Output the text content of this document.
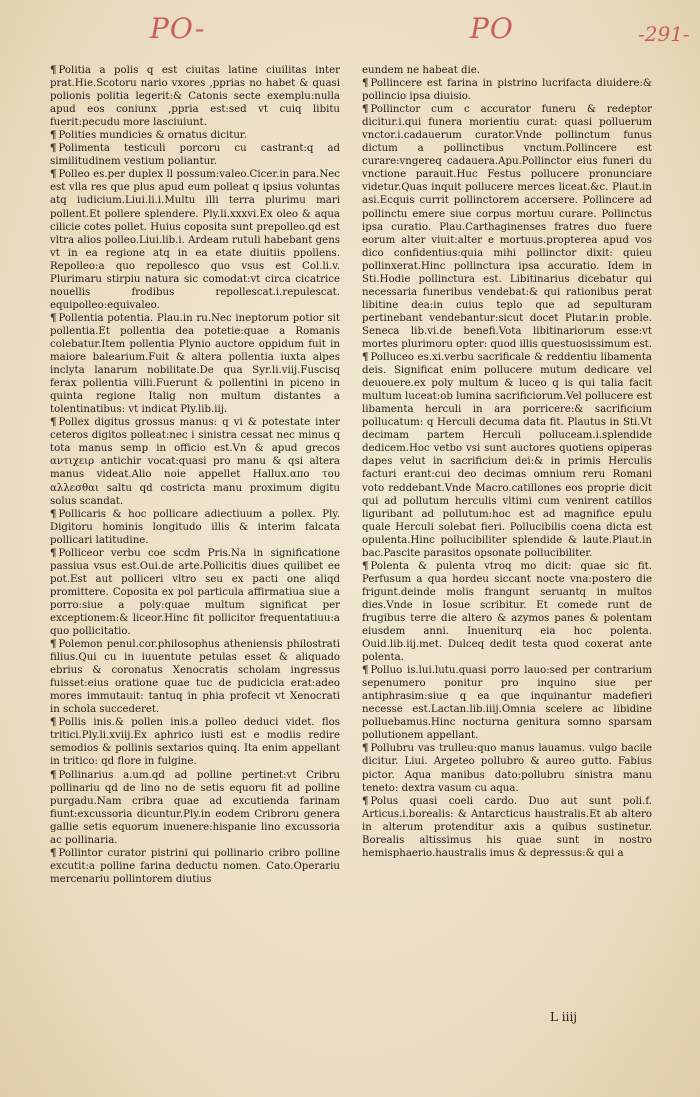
PO-	PO	-291-

¶ Politia a polis q est ciuitas latine ciuilitas inter prat.Hie.Scotoru nario vxores ,pprias no habet & quasi polionis politia legerit:& Catonis secte exemplu:nulla apud eos coniunx ,ppria est:sed vt cuiq libitu fuerit:pecudu more lasciuiunt.

¶ Polities mundicies & ornatus dicitur.

¶ Polimenta testiculi porcoru cu castrant:q ad similitudinem vestium poliantur.

¶ Polleo es.per duplex ll possum:valeo.Cicer.in para.Nec est vlla res que plus apud eum polleat q ipsius voluntas atq iudicium.Liui.li.i.Multu illi terra plurimu mari pollent.Et pollere splendere. Ply.li.xxxvi.Ex oleo & aqua cilicie cotes pollet. Huius coposita sunt prepolleo.qd est vltra alios polleo.Liui.lib.i. Ardeam rutuli habebant gens vt in ea regione atq in ea etate diuitiis ppollens. Repolleo:a quo repollesco quo vsus est Col.li.v. Plurimaru stirpiu natura sic comodat:vt circa cicatrice nouellis frodibus repollescat.i.repulescat. equipolleo:equivaleo.

¶ Pollentia potentia. Plau.in ru.Nec ineptorum potior sit pollentia.Et pollentia dea potetie:quae a Romanis colebatur.Item pollentia Plynio auctore oppidum fuit in maiore balearium.Fuit & altera pollentia iuxta alpes inclyta lanarum nobilitate.De qua Syr.li.viij.Fuscisq ferax pollentia villi.Fuerunt & pollentini in piceno in quinta regione Italig non multum distantes a tolentinatibus: vt indicat Ply.lib.iij.

¶ Pollex digitus grossus manus: q vi & potestate inter ceteros digitos polleat:nec i sinistra cessat nec minus q tota manus semp in officio est.Vn & apud grecos αντιχειρ antichir vocat:quasi pro manu & qsi altera manus videat.Alio noie appellet Hallux.απο του αλλεσθαι saltu qd costricta manu proximum digitu solus scandat.

¶ Pollicaris & hoc pollicare adiectiuum a pollex. Ply. Digitoru hominis longitudo illis & interim falcata pollicari latitudine.

¶ Polliceor verbu coe scdm Pris.Na in significatione passiua vsus est.Oui.de arte.Pollicitis diues quilibet ee pot.Est aut polliceri vltro seu ex pacti one aliqd promittere. Coposita ex pol particula affirmatiua siue a porro:siue a poly:quae multum significat per exceptionem:& liceor.Hinc fit pollicitor frequentatiuu:a quo pollicitatio.

¶ Polemon penul.cor.philosophus atheniensis philostrati filius.Qui cu in iuuentute petulas esset & aliquado ebrius & coronatus Xenocratis scholam ingressus fuisset:eius oratione quae tuc de pudicicia erat:adeo mores immutauit: tantuq in phia profecit vt Xenocrati in schola succederet.

¶ Pollis inis.& pollen inis.a polleo deduci videt. flos tritici.Ply.li.xviij.Ex aphrico iusti est e modiis redire semodios & pollinis sextarios quinq. Ita enim appellant in tritico: qd flore in fulgine.

¶ Pollinarius a.um.qd ad polline pertinet:vt Cribru pollinariu qd de lino no de setis equoru fit ad polline purgadu.Nam cribra quae ad excutienda farinam fiunt:excussoria dicuntur.Ply.in eodem Cribroru genera gallie setis equorum inuenere:hispanie lino excussoria ac pollinaria.

¶ Pollintor curator pistrini qui pollinario cribro polline excutit:a polline farina deductu nomen. Cato.Operariu mercenariu pollintorem diutius

eundem ne habeat die.

¶ Pollincere est farina in pistrino lucrifacta diuidere:& pollincio ipsa diuisio.

¶ Pollinctor cum c accurator funeru & redeptor dicitur.i.qui funera morientiu curat: quasi polluerum vnctor.i.cadauerum curator.Vnde pollinctum funus dictum a pollinctibus vnctum.Pollincere est curare:vngereq cadauera.Apu.Pollinctor eius funeri du vnctione parauit.Huc Festus pollucere pronunciare videtur.Quas inquit pollucere merces liceat.&c. Plaut.in asi.Ecquis currit pollinctorem accersere. Pollincere ad pollinctu emere siue corpus mortuu curare. Pollinctus ipsa curatio. Plau.Carthaginenses fratres duo fuere eorum alter viuit:alter e mortuus.propterea apud vos dico confidentius:quia mihi pollinctor dixit: quieu pollinxerat.Hinc pollinctura ipsa accuratio. Idem in Sti.Hodie pollinctura est. Libitinarius dicebatur qui necessaria funeribus vendebat:& qui rationibus perat libitine dea:in cuius teplo que ad sepulturam pertinebant vendebantur:sicut docet Plutar.in proble. Seneca lib.vi.de benefi.Vota libitinariorum esse:vt mortes plurimoru opter: quod illis questuosissimum est.

¶ Polluceo es.xi.verbu sacrificale & reddentiu libamenta deis. Significat enim pollucere mutum dedicare vel deuouere.ex poly multum & luceo q is qui talia facit multum luceat:ob lumina sacrificiorum.Vel pollucere est libamenta herculi in ara porricere:& sacrificium pollucatum: q Herculi decuma data fit. Plautus in Sti.Vt decimam partem Herculi polluceam.i.splendide dedicem.Hoc vetbo vsi sunt auctores quotiens opiperas dapes velut in sacrificium dei:& in primis Herculis facturi erant:cui deo decimas omnium reru Romani voto reddebant.Vnde Macro.catillones eos proprie dicit qui ad pollutum herculis vltimi cum venirent catillos liguribant ad pollutum:hoc est ad magnifice epulu quale Herculi solebat fieri. Pollucibilis coena dicta est opulenta.Hinc pollucibiliter splendide & laute.Plaut.in bac.Pascite parasitos opsonate pollucibiliter.

¶ Polenta & pulenta vtroq mo dicit: quae sic fit. Perfusum a qua hordeu siccant nocte vna:postero die frigunt.deinde molis frangunt seruantq in multos dies.Vnde in Iosue scribitur. Et comede runt de frugibus terre die altero & azymos panes & polentam eiusdem anni. Inueniturq eia hoc polenta. Ouid.lib.iij.met. Dulceq dedit testa quod coxerat ante polenta.

¶ Polluo is.lui.lutu.quasi porro lauo:sed per contrarium sepenumero ponitur pro inquino siue per antiphrasim:siue q ea que inquinantur madefieri necesse est.Lactan.lib.iiij.Omnia scelere ac libidine polluebamus.Hinc nocturna genitura somno sparsam pollutionem appellant.

¶ Pollubru vas trulleu:quo manus lauamus. vulgo bacile dicitur. Liui. Argeteo pollubro & aureo gutto. Fabius pictor. Aqua manibus dato:pollubru sinistra manu teneto: dextra vasum cu aqua.

¶ Polus quasi coeli cardo. Duo aut sunt poli.f. Articus.i.borealis: & Antarcticus haustralis.Et ab altero in alterum protenditur axis a quibus sustinetur. Borealis altissimus his quae sunt in nostro hemisphaerio.haustralis imus & depressus:& qui a

L iiij
